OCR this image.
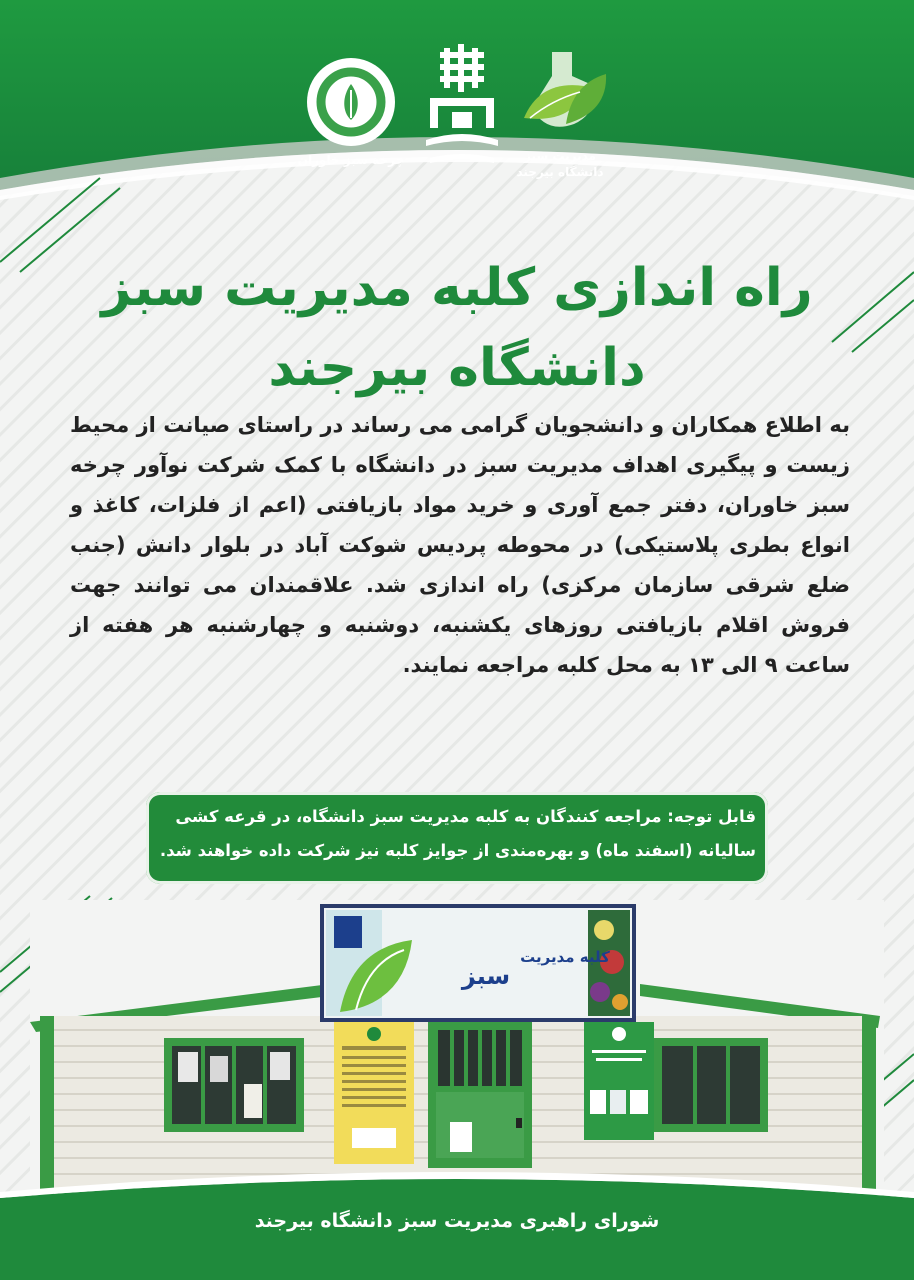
چرخه سبز خاوران	مدیریت سبز
دانشگاه بیرجند
راه اندازی کلبه مدیریت سبز
دانشگاه بیرجند
به اطلاع همکاران و دانشجویان گرامی می رساند در راستای صیانت از محیط زیست و پیگیری اهداف مدیریت سبز در دانشگاه با کمک شرکت نوآور چرخه سبز خاوران، دفتر جمع آوری و خرید مواد بازیافتی (اعم از فلزات، کاغذ و انواع بطری پلاستیکی) در محوطه پردیس شوکت آباد در بلوار دانش (جنب ضلع شرقی سازمان مرکزی) راه اندازی شد. علاقمندان می توانند جهت فروش اقلام بازیافتی روزهای یکشنبه، دوشنبه و چهارشنبه هر هفته از ساعت ۹ الی ۱۳ به محل کلبه مراجعه نمایند.
قابل توجه: مراجعه کنندگان به کلبه مدیریت سبز دانشگاه، در قرعه کشی سالیانه (اسفند ماه) و بهره‌مندی از جوایز کلبه نیز شرکت داده خواهند شد.
کلبه مدیریت
سبز
شورای راهبری مدیریت سبز دانشگاه بیرجند
